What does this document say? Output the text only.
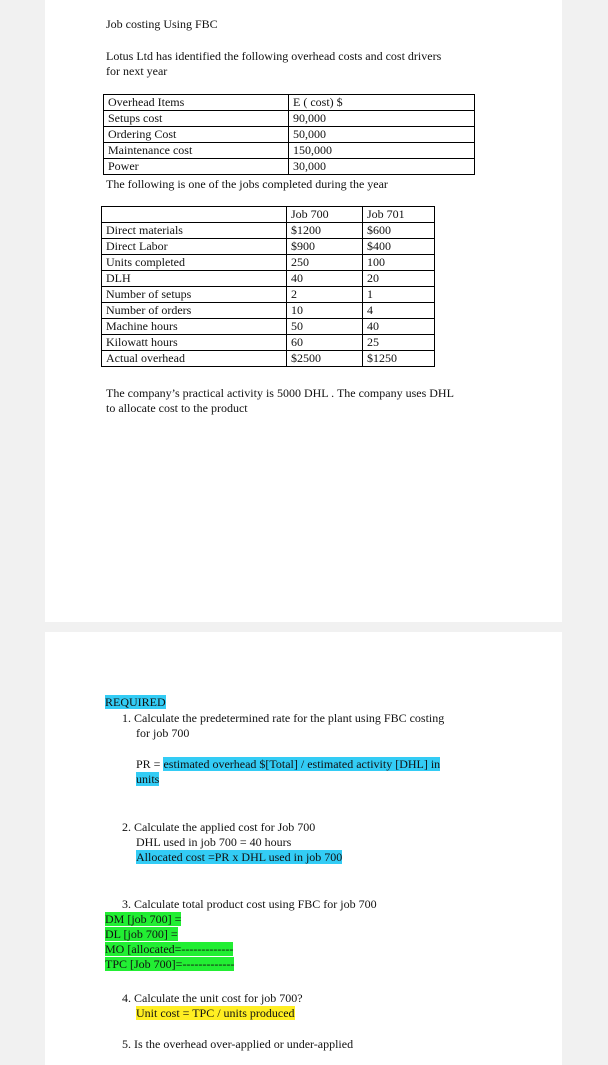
Job costing Using FBC
Lotus Ltd has identified the following overhead costs and cost drivers
for next year
Overhead Items	E ( cost) $
Setups cost	90,000
Ordering Cost	50,000
Maintenance cost	150,000
Power	30,000
The following is one of the jobs completed during the year
	Job 700	Job 701
Direct materials	$1200	$600
Direct Labor	$900	$400
Units completed	250	100
DLH	40	20
Number of setups	2	1
Number of orders	10	4
Machine hours	50	40
Kilowatt hours	60	25
Actual overhead	$2500	$1250
The company’s practical activity is 5000 DHL . The company uses DHL
to allocate cost to the product
REQUIRED
1. Calculate the predetermined rate for the plant using FBC costing
for job 700
PR = estimated overhead $[Total] / estimated activity [DHL] in
units
2. Calculate the applied cost for Job 700
DHL used in job 700 = 40 hours
Allocated cost =PR x DHL used in job 700
3. Calculate total product cost using FBC for job 700
DM [job 700] =
DL [job 700] =
MO [allocated=-------------
TPC [Job 700]=-------------
4. Calculate the unit cost for job 700?
Unit cost = TPC / units produced
5. Is the overhead over-applied or under-applied
